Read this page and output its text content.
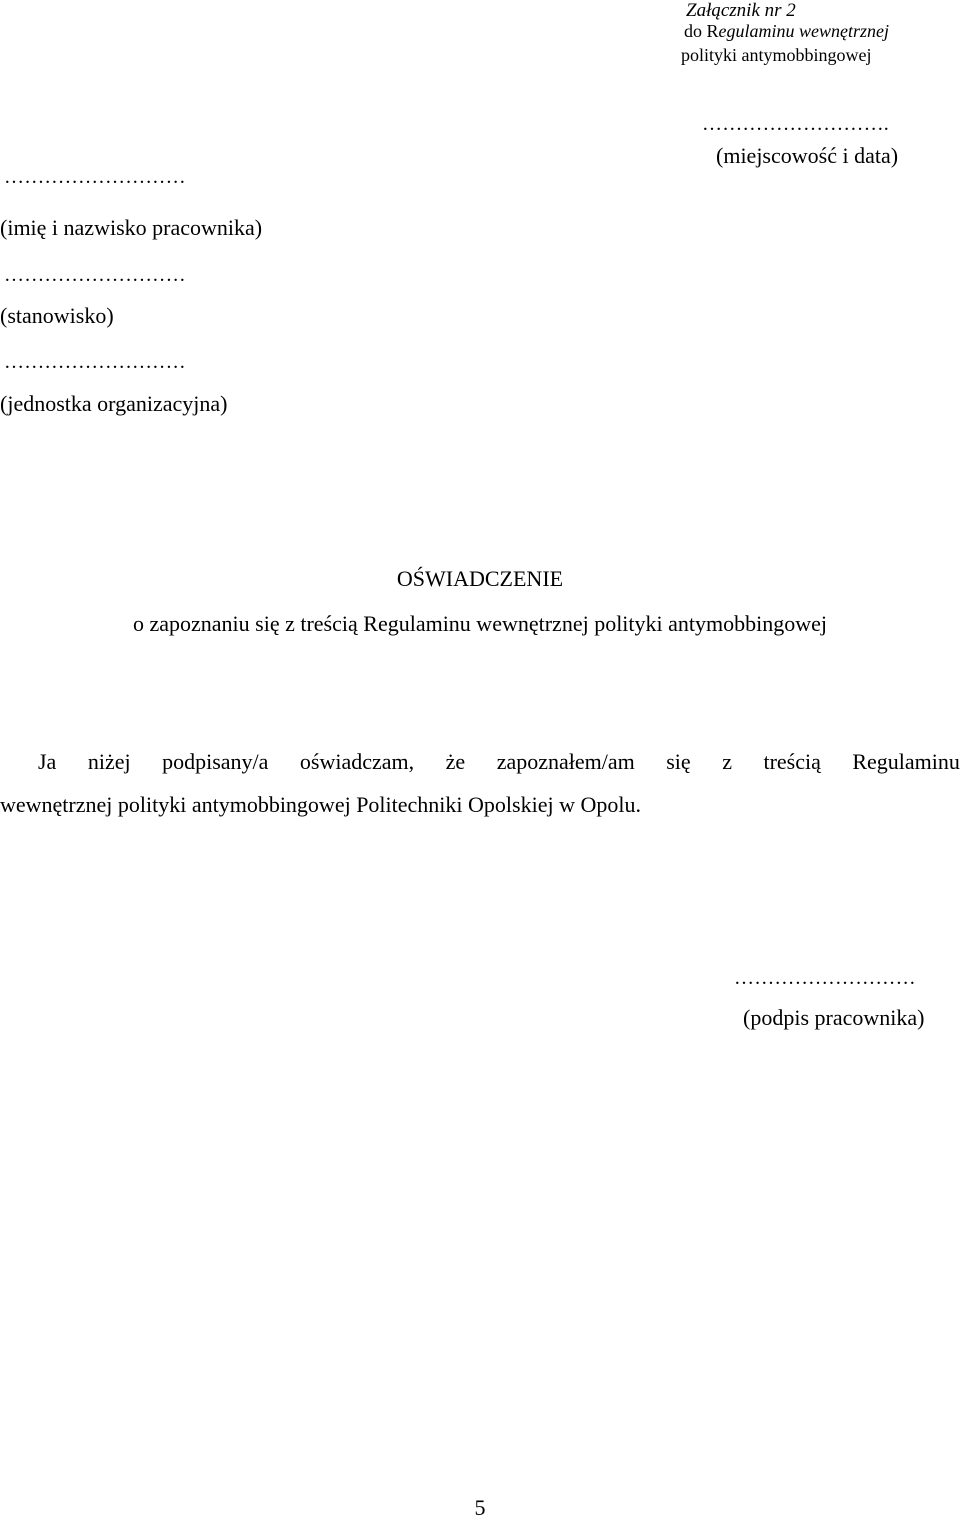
Załącznik nr 2
do Regulaminu wewnętrznej
polityki antymobbingowej
……………………….
(miejscowość i data)
………………………
(imię i nazwisko pracownika)
………………………
(stanowisko)
………………………
(jednostka organizacyjna)
OŚWIADCZENIE
o zapoznaniu się z treścią Regulaminu wewnętrznej polityki antymobbingowej
Ja niżej podpisany/a oświadczam, że zapoznałem/am się z treścią Regulaminu
wewnętrznej polityki antymobbingowej Politechniki Opolskiej w Opolu.
………………………
(podpis pracownika)
5
